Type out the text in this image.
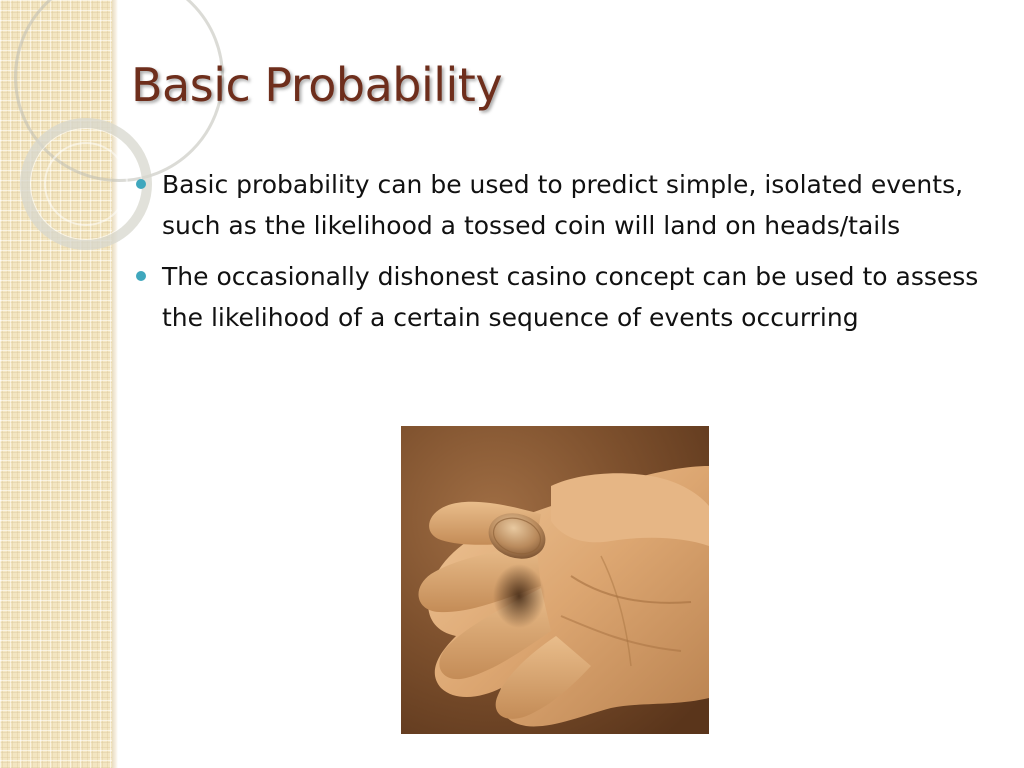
Basic Probability
Basic probability can be used to predict simple, isolated events, such as the likelihood a tossed coin will land on heads/tails
The occasionally dishonest casino concept can be used to assess the likelihood of a certain sequence of events occurring
